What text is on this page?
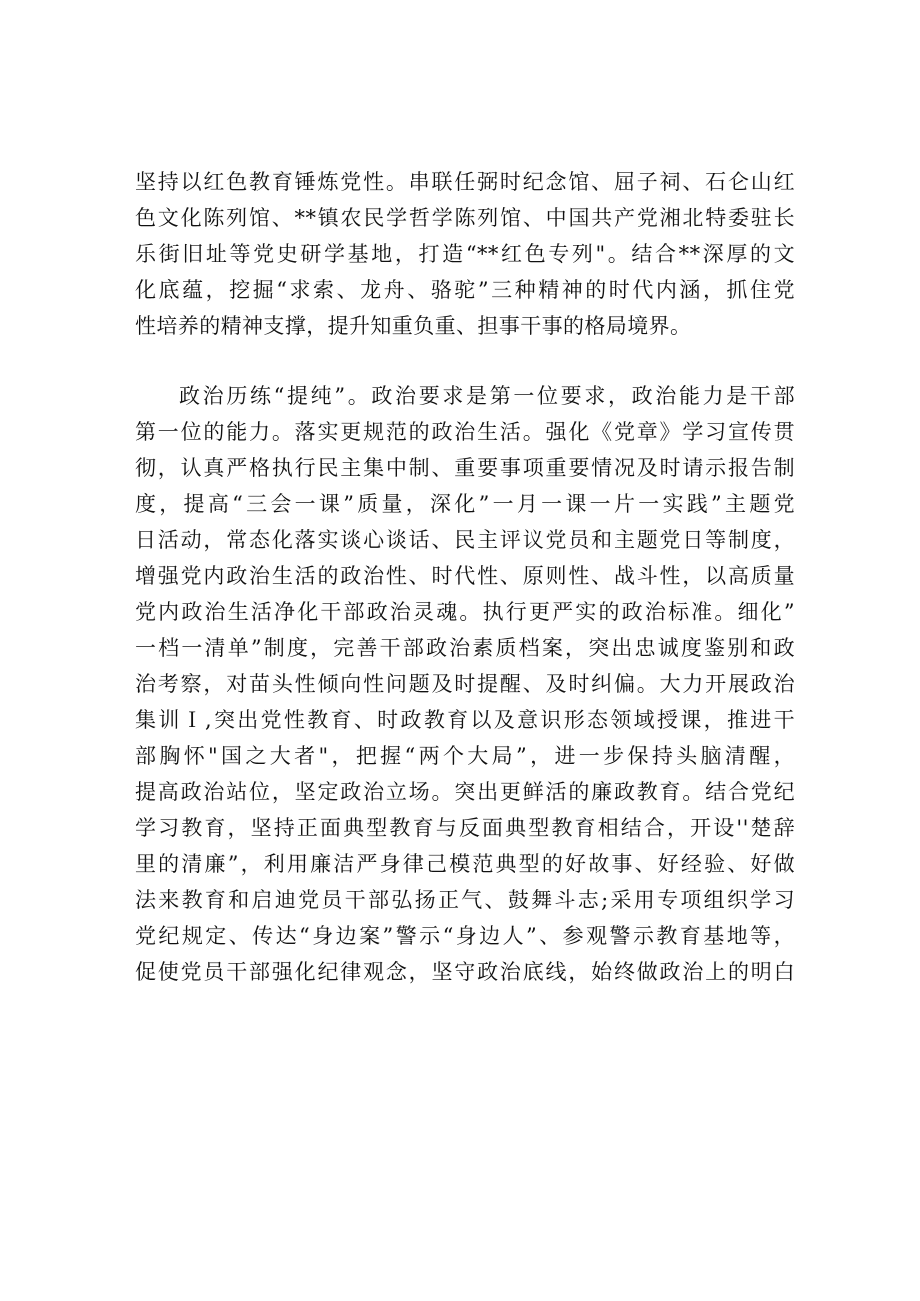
坚持以红色教育锤炼党性。串联任弼时纪念馆、屈子祠、石仑山红
色文化陈列馆、**镇农民学哲学陈列馆、中国共产党湘北特委驻长
乐街旧址等党史研学基地，打造“**红色专列"。结合**深厚的文
化底蕴，挖掘“求索、龙舟、骆驼”三种精神的时代内涵，抓住党
性培养的精神支撑，提升知重负重、担事干事的格局境界。
政治历练“提纯”。政治要求是第一位要求，政治能力是干部
第一位的能力。落实更规范的政治生活。强化《党章》学习宣传贯
彻，认真严格执行民主集中制、重要事项重要情况及时请示报告制
度，提高“三会一课”质量，深化”一月一课一片一实践”主题党
日活动，常态化落实谈心谈话、民主评议党员和主题党日等制度，
增强党内政治生活的政治性、时代性、原则性、战斗性，以高质量
党内政治生活净化干部政治灵魂。执行更严实的政治标准。细化”
一档一清单”制度，完善干部政治素质档案，突出忠诚度鉴别和政
治考察，对苗头性倾向性问题及时提醒、及时纠偏。大力开展政治
集训Ｉ,突出党性教育、时政教育以及意识形态领域授课，推进干
部胸怀"国之大者"，把握“两个大局”，进一步保持头脑清醒，
提高政治站位，坚定政治立场。突出更鲜活的廉政教育。结合党纪
学习教育，坚持正面典型教育与反面典型教育相结合，开设''楚辞
里的清廉”，利用廉洁严身律己模范典型的好故事、好经验、好做
法来教育和启迪党员干部弘扬正气、鼓舞斗志;采用专项组织学习
党纪规定、传达“身边案”警示“身边人”、参观警示教育基地等，
促使党员干部强化纪律观念，坚守政治底线，始终做政治上的明白
